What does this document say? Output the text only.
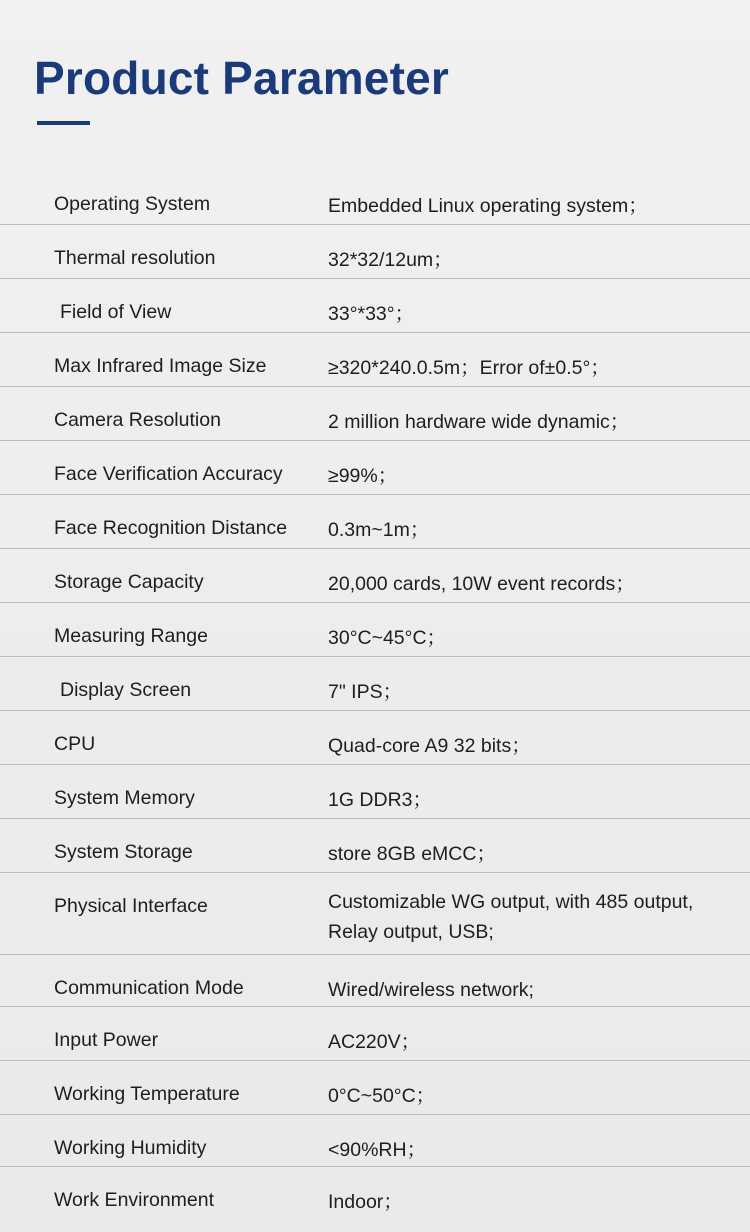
Product Parameter
Operating System	Embedded Linux operating system；
Thermal resolution	32*32/12um；
Field of View	33°*33°；
Max Infrared Image Size	≥320*240.0.5m；Error of±0.5°；
Camera Resolution	2 million hardware wide dynamic；
Face Verification Accuracy ≥99%；
Face Recognition Distance 0.3m~1m；
Storage Capacity	20,000 cards, 10W event records；
Measuring Range	30°C~45°C；
Display Screen	7" IPS；
CPU	Quad-core A9 32 bits；
System Memory	1G DDR3；
System Storage	store 8GB eMCC；
Physical Interface	Customizable WG output, with 485 output, Relay output, USB;
Communication Mode	Wired/wireless network;
Input Power	AC220V；
Working Temperature	0°C~50°C；
Working Humidity	<90%RH；
Work Environment	Indoor；
